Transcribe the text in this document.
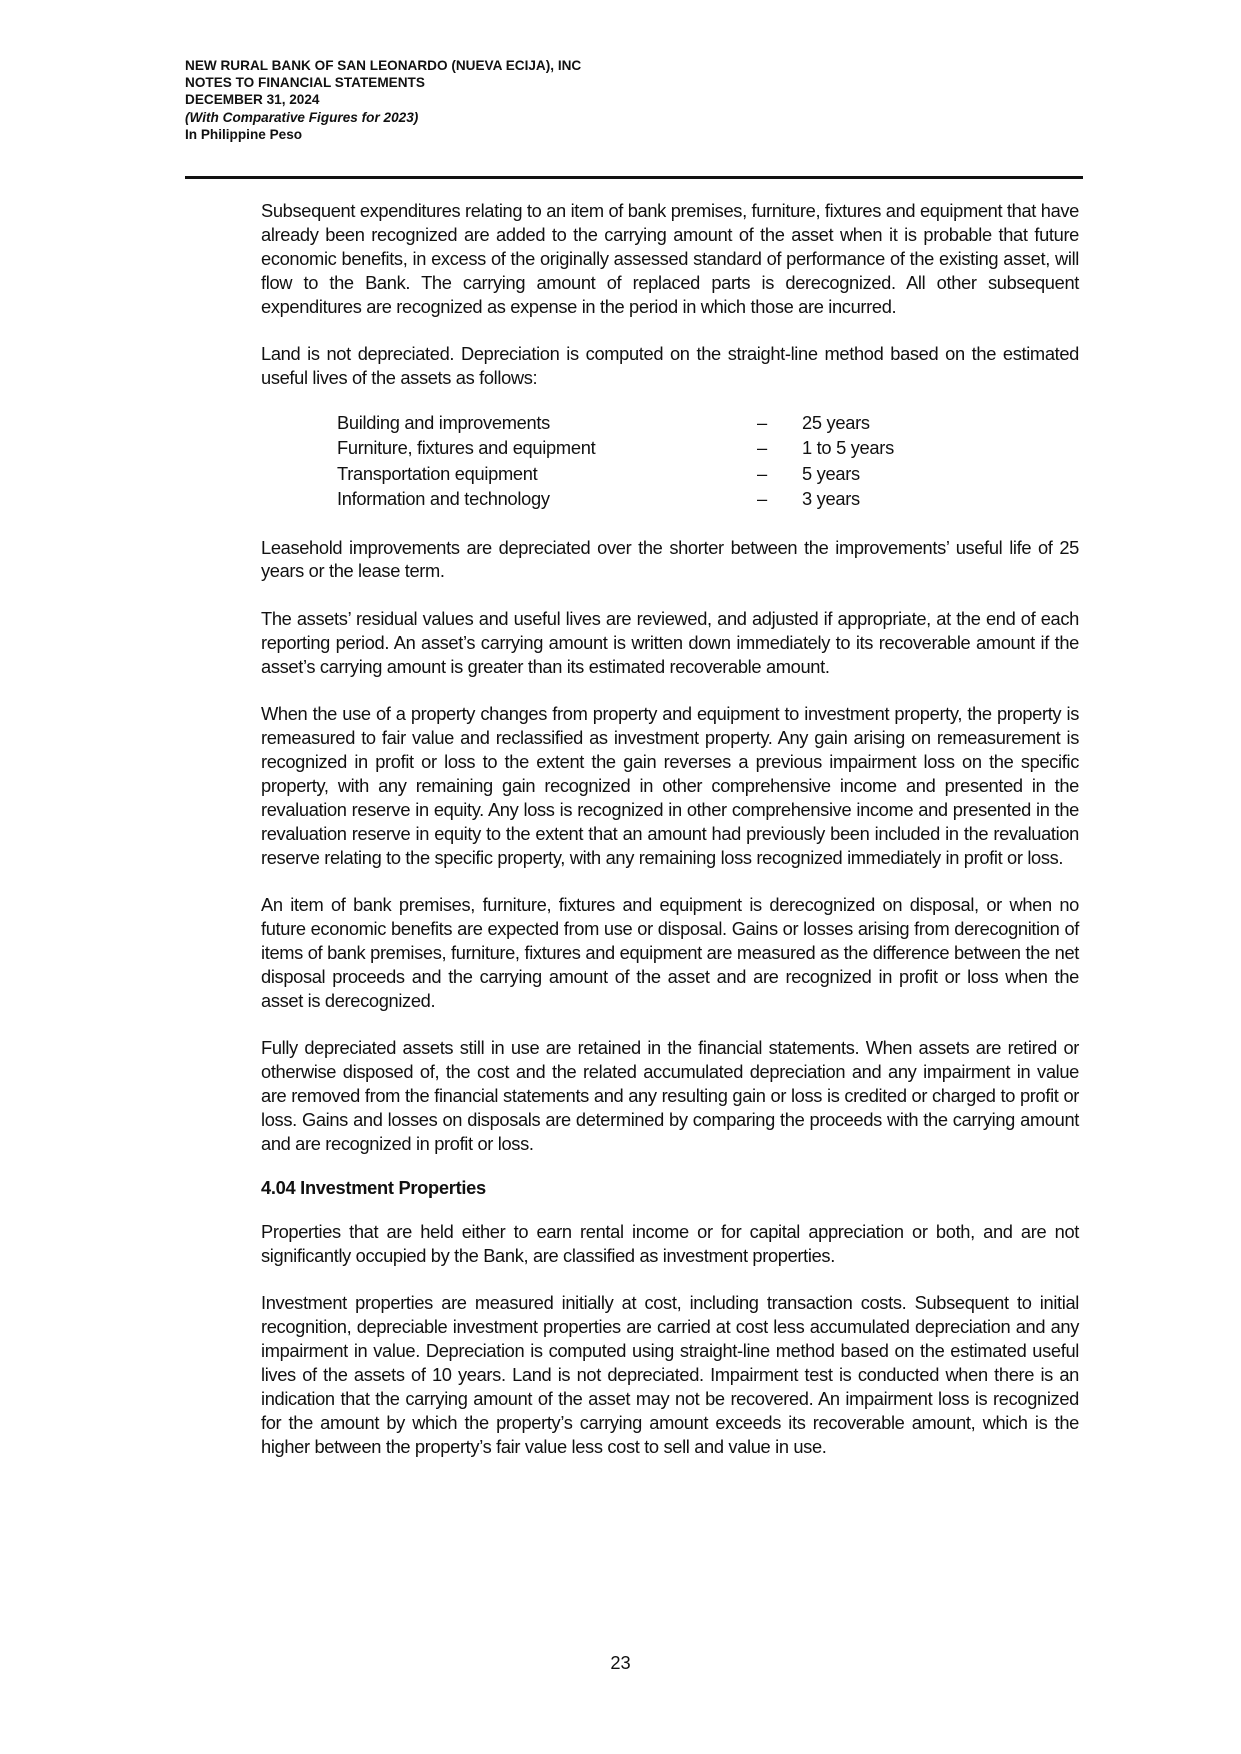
NEW RURAL BANK OF SAN LEONARDO (NUEVA ECIJA), INC
NOTES TO FINANCIAL STATEMENTS
DECEMBER 31, 2024
(With Comparative Figures for 2023)
In Philippine Peso

Subsequent expenditures relating to an item of bank premises, furniture, fixtures and equipment that have already been recognized are added to the carrying amount of the asset when it is probable that future economic benefits, in excess of the originally assessed standard of performance of the existing asset, will flow to the Bank. The carrying amount of replaced parts is derecognized. All other subsequent expenditures are recognized as expense in the period in which those are incurred.

Land is not depreciated. Depreciation is computed on the straight-line method based on the estimated useful lives of the assets as follows:

Building and improvements	–	25 years
Furniture, fixtures and equipment	–	1 to 5 years
Transportation equipment	–	5 years
Information and technology	–	3 years

Leasehold improvements are depreciated over the shorter between the improvements’ useful life of 25 years or the lease term.

The assets’ residual values and useful lives are reviewed, and adjusted if appropriate, at the end of each reporting period. An asset’s carrying amount is written down immediately to its recoverable amount if the asset’s carrying amount is greater than its estimated recoverable amount.

When the use of a property changes from property and equipment to investment property, the property is remeasured to fair value and reclassified as investment property. Any gain arising on remeasurement is recognized in profit or loss to the extent the gain reverses a previous impairment loss on the specific property, with any remaining gain recognized in other comprehensive income and presented in the revaluation reserve in equity. Any loss is recognized in other comprehensive income and presented in the revaluation reserve in equity to the extent that an amount had previously been included in the revaluation reserve relating to the specific property, with any remaining loss recognized immediately in profit or loss.

An item of bank premises, furniture, fixtures and equipment is derecognized on disposal, or when no future economic benefits are expected from use or disposal. Gains or losses arising from derecognition of items of bank premises, furniture, fixtures and equipment are measured as the difference between the net disposal proceeds and the carrying amount of the asset and are recognized in profit or loss when the asset is derecognized.

Fully depreciated assets still in use are retained in the financial statements. When assets are retired or otherwise disposed of, the cost and the related accumulated depreciation and any impairment in value are removed from the financial statements and any resulting gain or loss is credited or charged to profit or loss. Gains and losses on disposals are determined by comparing the proceeds with the carrying amount and are recognized in profit or loss.

4.04 Investment Properties

Properties that are held either to earn rental income or for capital appreciation or both, and are not significantly occupied by the Bank, are classified as investment properties.

Investment properties are measured initially at cost, including transaction costs. Subsequent to initial recognition, depreciable investment properties are carried at cost less accumulated depreciation and any impairment in value. Depreciation is computed using straight-line method based on the estimated useful lives of the assets of 10 years. Land is not depreciated. Impairment test is conducted when there is an indication that the carrying amount of the asset may not be recovered. An impairment loss is recognized for the amount by which the property’s carrying amount exceeds its recoverable amount, which is the higher between the property’s fair value less cost to sell and value in use.

23
